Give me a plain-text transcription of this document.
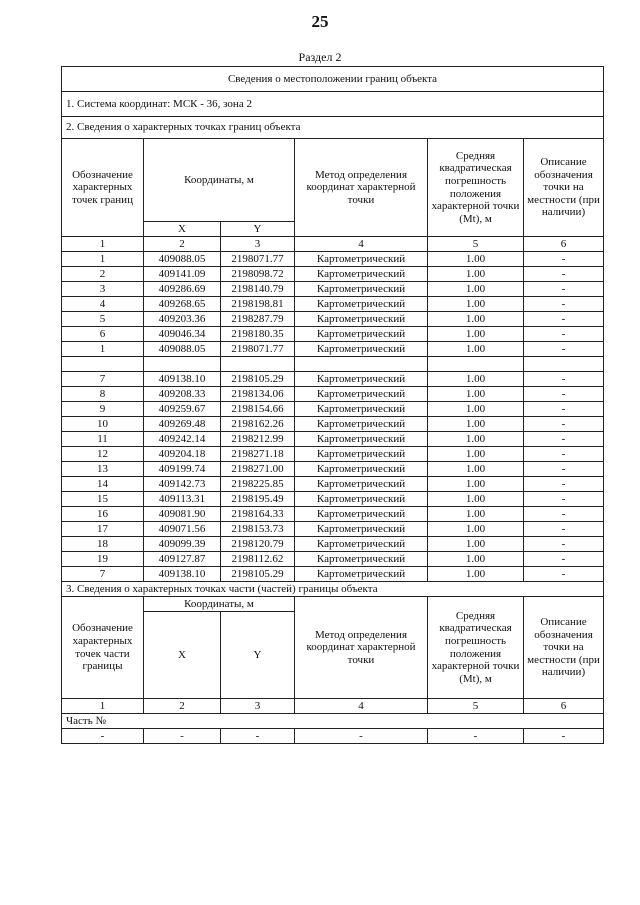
25
Раздел 2
Сведения о местоположении границ объекта					
1. Система координат: МСК - 36, зона 2					
2. Сведения о характерных точках границ объекта					
Обозначение характерных точек границ	Координаты, м		Метод определения координат характерной точки	Средняя квадратическая погрешность положения характерной точки (Mt), м	Описание обозначения точки на местности (при наличии)
	X	Y			
1	2	3	4	5	6
1	409088.05	2198071.77	Картометрический	1.00	-
2	409141.09	2198098.72	Картометрический	1.00	-
3	409286.69	2198140.79	Картометрический	1.00	-
4	409268.65	2198198.81	Картометрический	1.00	-
5	409203.36	2198287.79	Картометрический	1.00	-
6	409046.34	2198180.35	Картометрический	1.00	-
1	409088.05	2198071.77	Картометрический	1.00	-

7	409138.10	2198105.29	Картометрический	1.00	-
8	409208.33	2198134.06	Картометрический	1.00	-
9	409259.67	2198154.66	Картометрический	1.00	-
10	409269.48	2198162.26	Картометрический	1.00	-
11	409242.14	2198212.99	Картометрический	1.00	-
12	409204.18	2198271.18	Картометрический	1.00	-
13	409199.74	2198271.00	Картометрический	1.00	-
14	409142.73	2198225.85	Картометрический	1.00	-
15	409113.31	2198195.49	Картометрический	1.00	-
16	409081.90	2198164.33	Картометрический	1.00	-
17	409071.56	2198153.73	Картометрический	1.00	-
18	409099.39	2198120.79	Картометрический	1.00	-
19	409127.87	2198112.62	Картометрический	1.00	-
7	409138.10	2198105.29	Картометрический	1.00	-
3. Сведения о характерных точках части (частей) границы объекта					
Обозначение характерных точек части границы	Координаты, м		Метод определения координат характерной точки	Средняя квадратическая погрешность положения характерной точки (Mt), м	Описание обозначения точки на местности (при наличии)
	X	Y			
1	2	3	4	5	6
Часть №					
-	-	-	-	-	-
